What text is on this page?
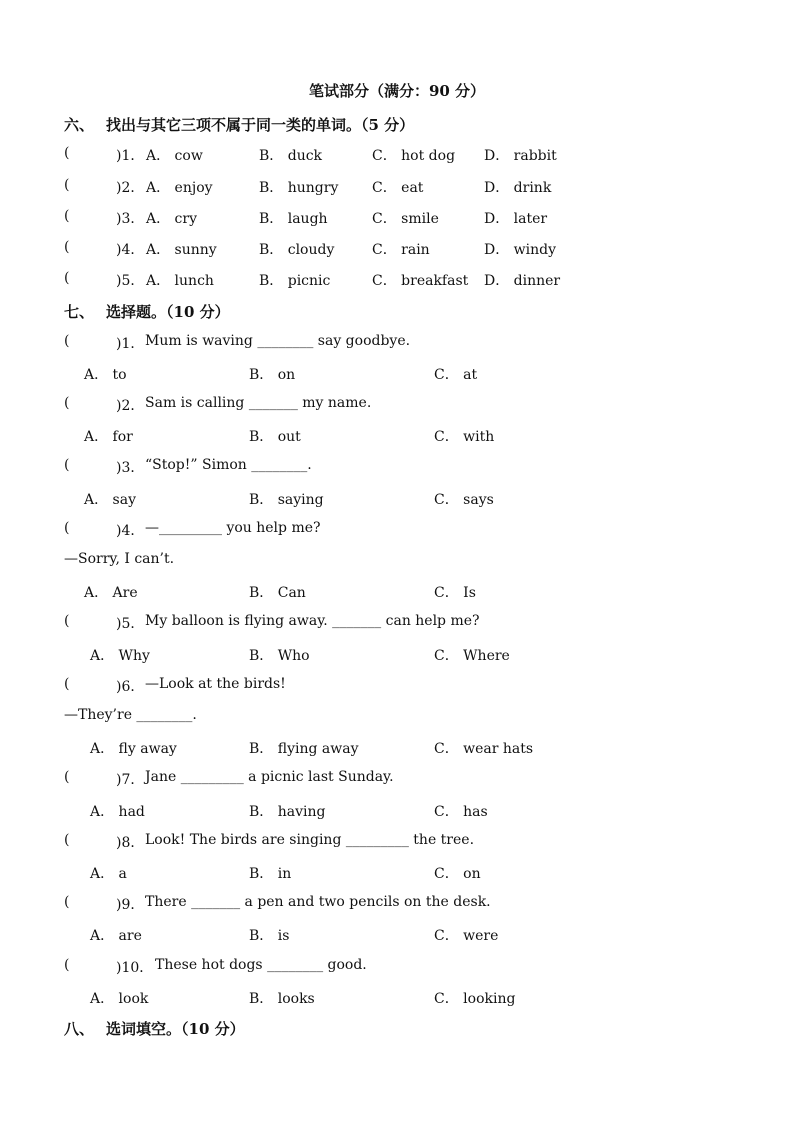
笔试部分（满分：90 分）
六、 找出与其它三项不属于同一类的单词。（5 分）
(	)1． A． cow	B． duck	C． hot dog D． rabbit
(	)2． A． enjoy	B． hungry C． eat	D． drink
(	)3． A． cry	B． laugh	C． smile	D． later
(	)4． A． sunny	B． cloudy	C． rain	D． windy
(	)5． A． lunch	B． picnic	C． breakfast D． dinner
七、 选择题。（10 分）
(	)1． Mum is waving ________ say goodbye.
A． to	B． on	C． at
(	)2． Sam is calling _______ my name.
A． for	B． out	C． with
(	)3． “Stop!” Simon ________.
A． say	B． saying	C． says
(	)4． —_________ you help me?
—Sorry, I can’t.
A． Are	B． Can	C． Is
(	)5． My balloon is flying away. _______ can help me?
A． Why	B． Who	C． Where
(	)6． —Look at the birds!
—They’re ________.
A． fly away	B． flying away	C． wear hats
(	)7． Jane _________ a picnic last Sunday.
A． had	B． having	C． has
(	)8． Look! The birds are singing _________ the tree.
A． a	B． in	C． on
(	)9． There _______ a pen and two pencils on the desk.
A． are	B． is	C． were
(	)10． These hot dogs ________ good.
A． look	B． looks	C． looking
八、 选词填空。（10 分）
